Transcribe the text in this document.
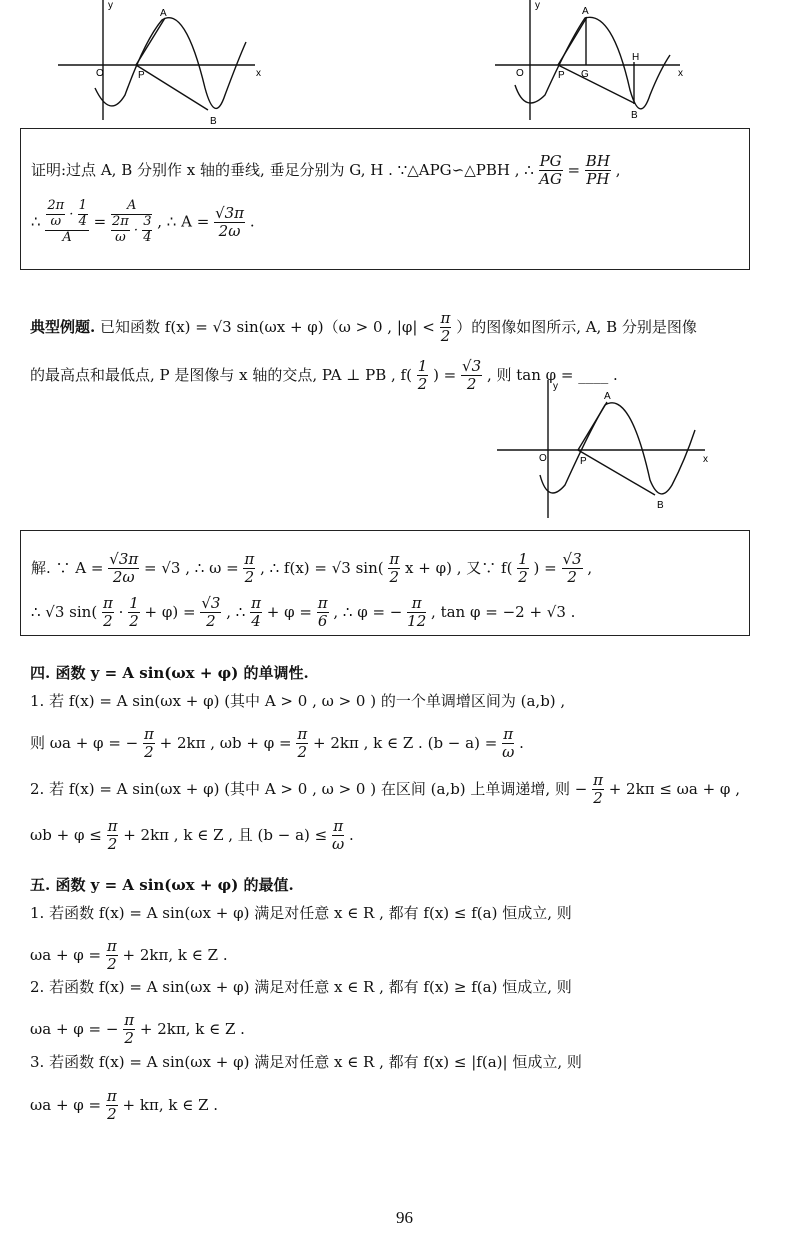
y
x
O	P
A
B
y
x
O	P
A
G
H
B
证明:过点 A, B 分别作 x 轴的垂线, 垂足分别为 G, H . ∵△APG∽△PBH , ∴ $\frac{PG}{AG} = \frac{BH}{PH}$ ,
∴ $\frac{\frac{2\pi}{\omega} \cdot \frac{1}{4}}{A} = \frac{A}{\frac{2\pi}{\omega} \cdot \frac{3}{4}}$ , ∴ $A = \frac{√3\pi}{2\omega}$ .
典型例题. 已知函数 f(x) = √3 sin(ωx + φ)（ω > 0 , $|\varphi| < \frac{\pi}{2}$ ）的图像如图所示, A, B 分别是图像
的最高点和最低点, P 是图像与 x 轴的交点, PA ⊥ PB , $f( \frac{1}{2}$ ) = $\frac{√3}{2}$ , 则 tan φ = ____ .
y
x
O	P
A
B
解. ∵ $A = \frac{√3\pi}{2\omega} = √3$ , ∴ $\omega = \frac{\pi}{2}$ , ∴ f(x) = √3 $\sin( \frac{\pi}{2}$ x + φ) , 又∵ $f( \frac{1}{2}$ ) = $\frac{√3}{2}$ ,
∴ √3 $\sin( \frac{\pi}{2} \cdot \frac{1}{2} + \varphi) = \frac{√3}{2}$ , ∴ $\frac{\pi}{4} + \varphi = \frac{\pi}{6}$ , ∴ φ = − $\frac{\pi}{12}$ , tan φ = −2 + √3 .
四. 函数 y = A sin(ωx + φ) 的单调性.
1. 若 f(x) = A sin(ωx + φ) (其中 A > 0 , ω > 0 ) 的一个单调增区间为 (a,b) ,
则 ωa + φ = − $\frac{\pi}{2} + 2k\pi$ , $\omega b + \varphi = \frac{\pi}{2} + 2k\pi$ , k ∈ Z . $(b - a) = \frac{\pi}{\omega}$ .
2. 若 f(x) = A sin(ωx + φ) (其中 A > 0 , ω > 0 ) 在区间 (a,b) 上单调递增, 则 − $\frac{\pi}{2} + 2k\pi \le \omega a + \varphi$ ,
$\omega b + \varphi \le \frac{\pi}{2} + 2k\pi$ , k ∈ Z , 且 $(b - a) \le \frac{\pi}{\omega}$ .
五. 函数 y = A sin(ωx + φ) 的最值.
1. 若函数 f(x) = A sin(ωx + φ) 满足对任意 x ∈ R , 都有 f(x) ≤ f(a) 恒成立, 则
$\omega a + \varphi = \frac{\pi}{2} + 2k\pi$, k ∈ Z .
2. 若函数 f(x) = A sin(ωx + φ) 满足对任意 x ∈ R , 都有 f(x) ≥ f(a) 恒成立, 则
ωa + φ = − $\frac{\pi}{2} + 2k\pi$, k ∈ Z .
3. 若函数 f(x) = A sin(ωx + φ) 满足对任意 x ∈ R , 都有 f(x) ≤ |f(a)| 恒成立, 则
$\omega a + \varphi = \frac{\pi}{2} + k\pi$, k ∈ Z .
96
